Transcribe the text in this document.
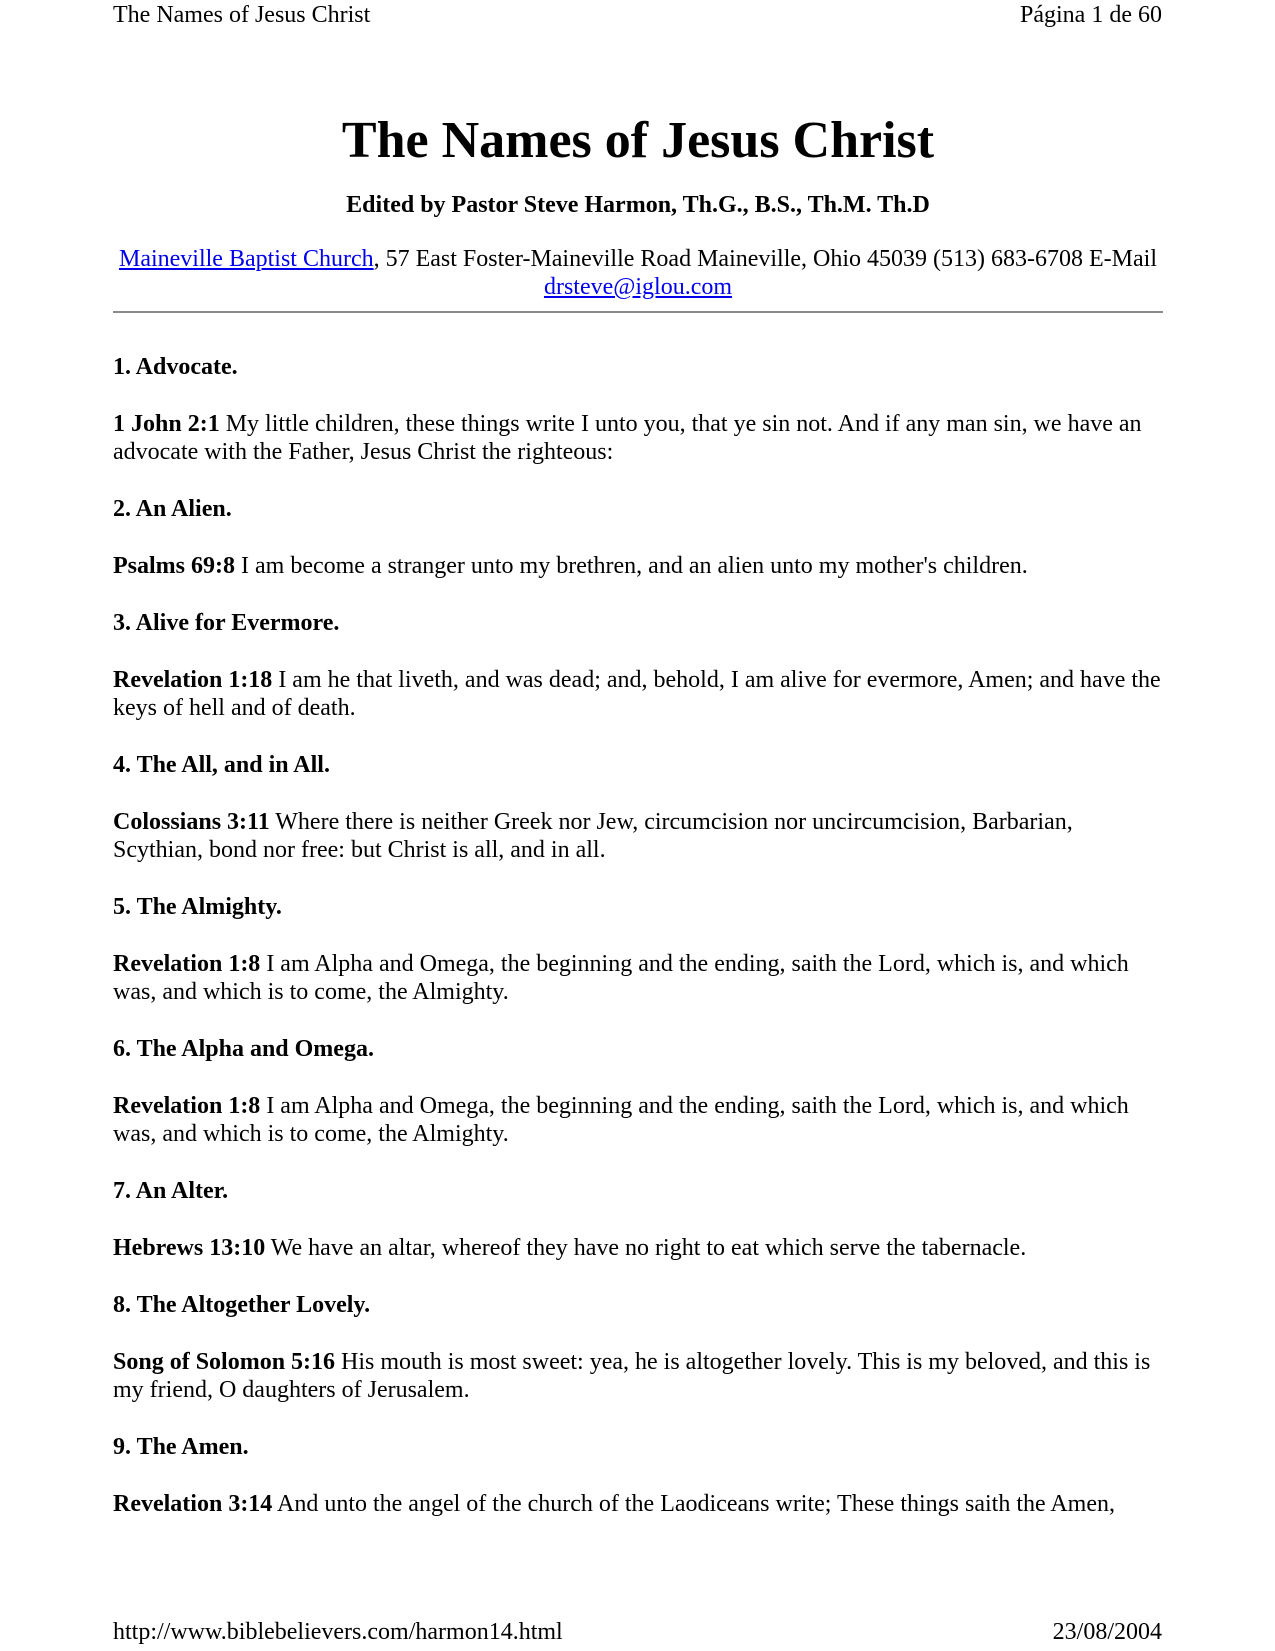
The Names of Jesus Christ	Página 1 de 60
The Names of Jesus Christ
Edited by Pastor Steve Harmon, Th.G., B.S., Th.M. Th.D
Maineville Baptist Church, 57 East Foster-Maineville Road Maineville, Ohio 45039 (513) 683-6708 E-Mail drsteve@iglou.com

1. Advocate.

1 John 2:1 My little children, these things write I unto you, that ye sin not. And if any man sin, we have an advocate with the Father, Jesus Christ the righteous:

2. An Alien.

Psalms 69:8 I am become a stranger unto my brethren, and an alien unto my mother's children.

3. Alive for Evermore.

Revelation 1:18 I am he that liveth, and was dead; and, behold, I am alive for evermore, Amen; and have the keys of hell and of death.

4. The All, and in All.

Colossians 3:11 Where there is neither Greek nor Jew, circumcision nor uncircumcision, Barbarian, Scythian, bond nor free: but Christ is all, and in all.

5. The Almighty.

Revelation 1:8 I am Alpha and Omega, the beginning and the ending, saith the Lord, which is, and which was, and which is to come, the Almighty.

6. The Alpha and Omega.

Revelation 1:8 I am Alpha and Omega, the beginning and the ending, saith the Lord, which is, and which was, and which is to come, the Almighty.

7. An Alter.

Hebrews 13:10 We have an altar, whereof they have no right to eat which serve the tabernacle.

8. The Altogether Lovely.

Song of Solomon 5:16 His mouth is most sweet: yea, he is altogether lovely. This is my beloved, and this is my friend, O daughters of Jerusalem.

9. The Amen.

Revelation 3:14 And unto the angel of the church of the Laodiceans write; These things saith the Amen,

http://www.biblebelievers.com/harmon14.html	23/08/2004
